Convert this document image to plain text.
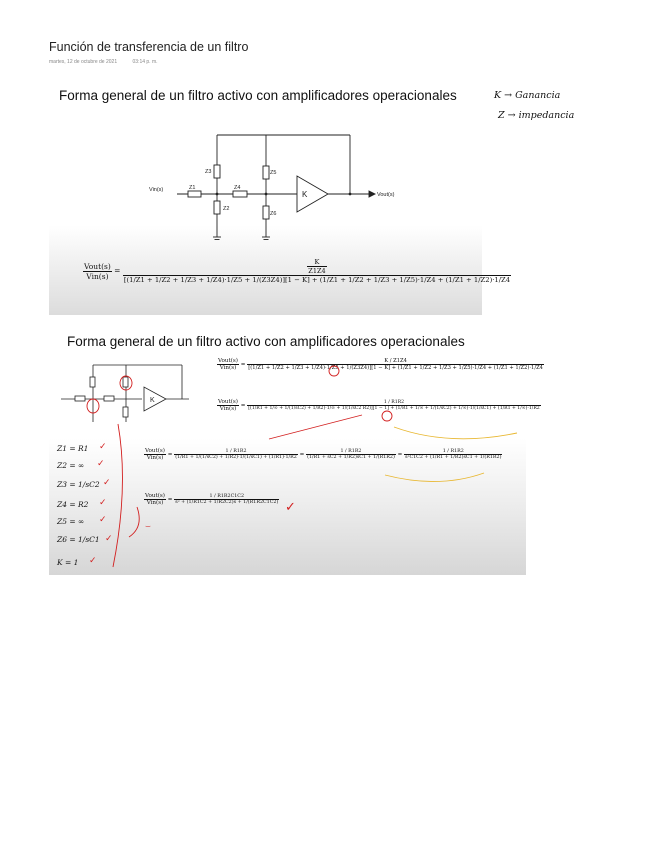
Función de transferencia de un filtro
martes, 12 de octubre de 2021	03:14 p. m.
Forma general de un filtro activo con amplificadores operacionales
Vin(s)
Vout(s)
Z1
Z2
Z3
Z4
Z5
Z6
K
$\frac{\text{Vout(s)}}{\text{Vin(s)}}$ =	$\frac{K}{Z1Z4}$
[(1/Z1 + 1/Z2 + 1/Z3 + 1/Z4)·1/Z5 + 1/(Z3Z4)][1 − K] + (1/Z1 + 1/Z2 + 1/Z3 + 1/Z5)·1/Z4 + (1/Z1 + 1/Z2)·1/Z4
K → Ganancia
Z → impedancia
Forma general de un filtro activo con amplificadores operacionales
K
$\frac{\text{Vout(s)}}{\text{Vin(s)}}$ =
K / Z1Z4
[(1/Z1 + 1/Z2 + 1/Z3 + 1/Z4)·1/Z5 + 1/(Z3Z4)][1 − K] + (1/Z1 + 1/Z2 + 1/Z3 + 1/Z5)·1/Z4 + (1/Z1 + 1/Z2)·1/Z4
$\frac{\text{Vout(s)}}{\text{Vin(s)}}$ =
1 / R1R2
[(1/R1 + 1/∞ + 1/(1/sC2) + 1/R2)·1/∞ + 1/(1/sC2 R2)][1 − 1] + (1/R1 + 1/∞ + 1/(1/sC2) + 1/∞)·1/(1/sC1) + (1/R1 + 1/∞)·1/R2
Z1 = R1
Z2 = ∞
Z3 = 1/sC2
Z4 = R2
Z5 = ∞
Z6 = 1/sC1
K = 1
✓
✓
✓
✓
✓
✓
✓
$\frac{\text{Vout(s)}}{\text{Vin(s)}} = \frac{1 / R1R2}{(1/R1 + 1/(1/sC2) + 1/R2)\cdot 1/(1/sC1) + (1/R1)\cdot 1/R2} = \frac{1 / R1R2}{(1/R1 + sC2 + 1/R2)sC1 + 1/(R1R2)} = \frac{1 / R1R2}{\text{s²C1C2 + (1/R1 + 1/R2)sC1 + 1/(R1R2)}}$
$\frac{\text{Vout(s)}}{\text{Vin(s)}} = \frac{1 / R1R2C1C2}{\text{s² + (1/R1C2 + 1/R2C2)s + 1/(R1R2C1C2)}}$ ✓
⌣
